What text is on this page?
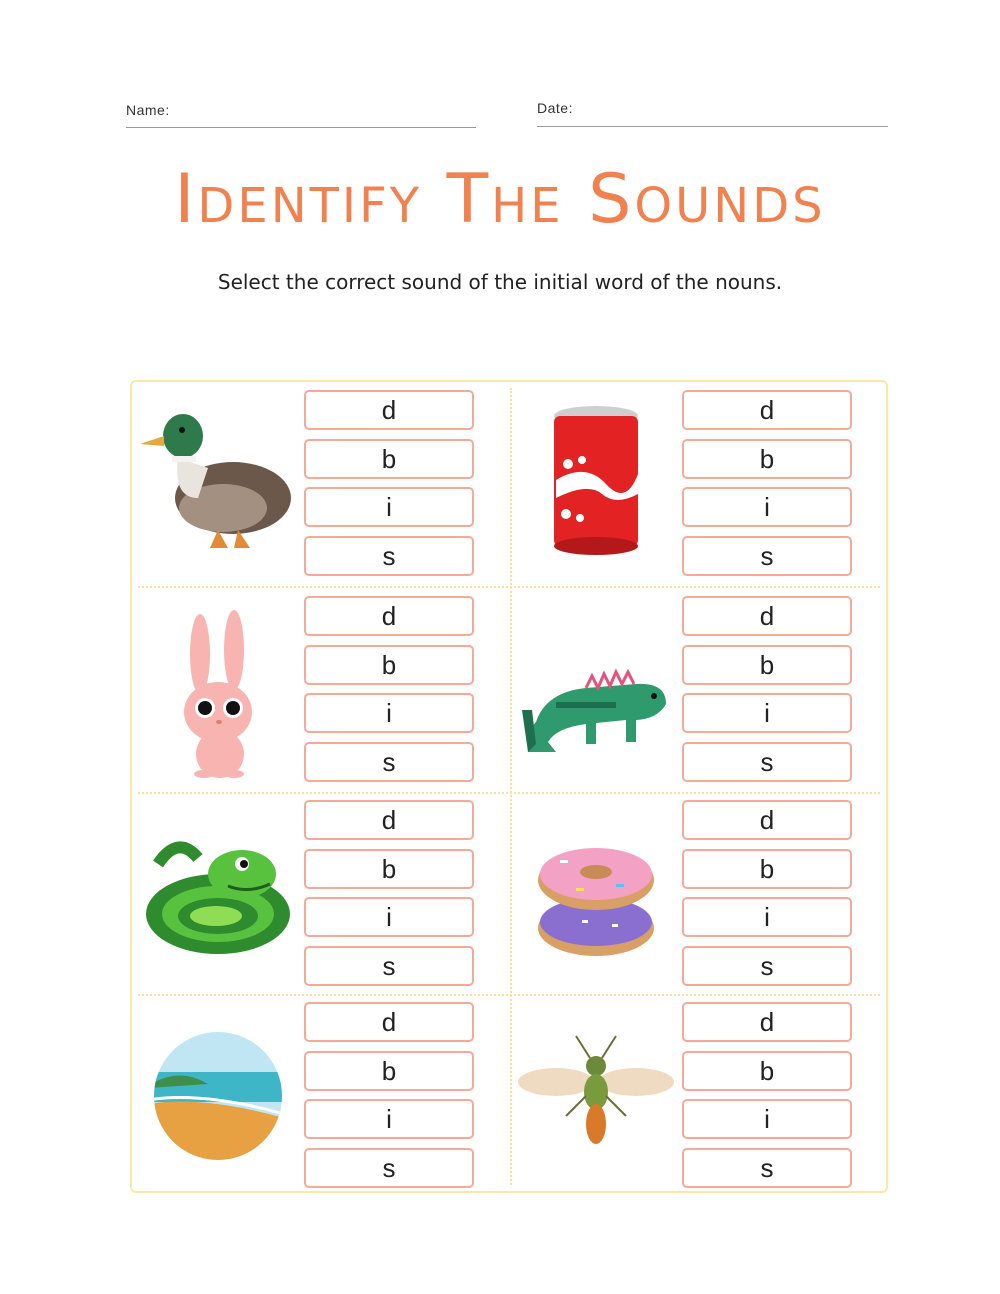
Name:	Date:
Identify The Sounds
Select the correct sound of the initial word of the nouns.
d
b
i
s
d
b
i
s
d
b
i
s
d
b
i
s
d
b
i
s
d
b
i
s
d
b
i
s
d
b
i
s
